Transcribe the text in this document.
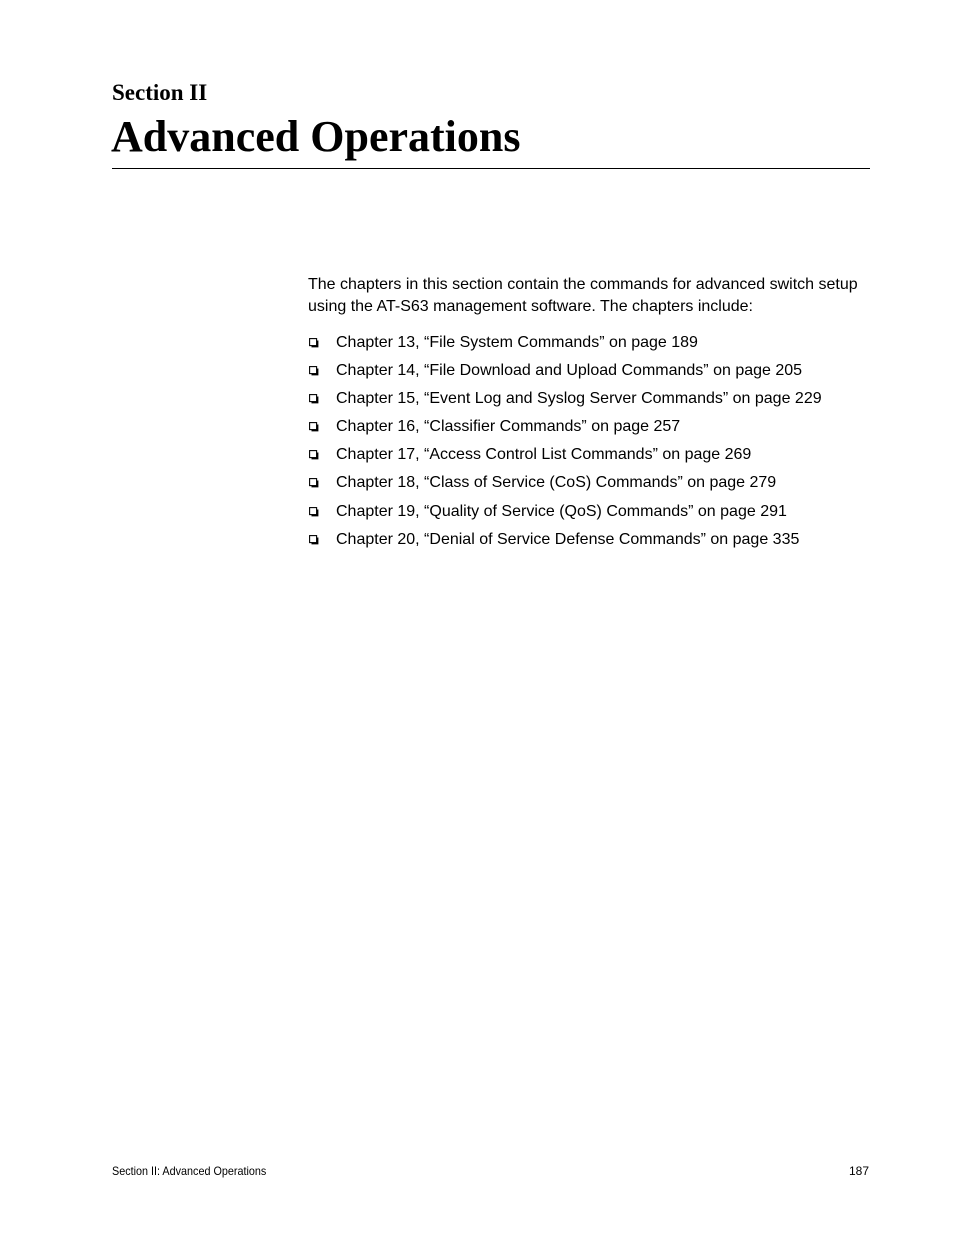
Section II
Advanced Operations

The chapters in this section contain the commands for advanced switch setup using the AT-S63 management software. The chapters include:

Chapter 13, “File System Commands” on page 189
Chapter 14, “File Download and Upload Commands” on page 205
Chapter 15, “Event Log and Syslog Server Commands” on page 229
Chapter 16, “Classifier Commands” on page 257
Chapter 17, “Access Control List Commands” on page 269
Chapter 18, “Class of Service (CoS) Commands” on page 279
Chapter 19, “Quality of Service (QoS) Commands” on page 291
Chapter 20, “Denial of Service Defense Commands” on page 335
Section II: Advanced Operations	187
